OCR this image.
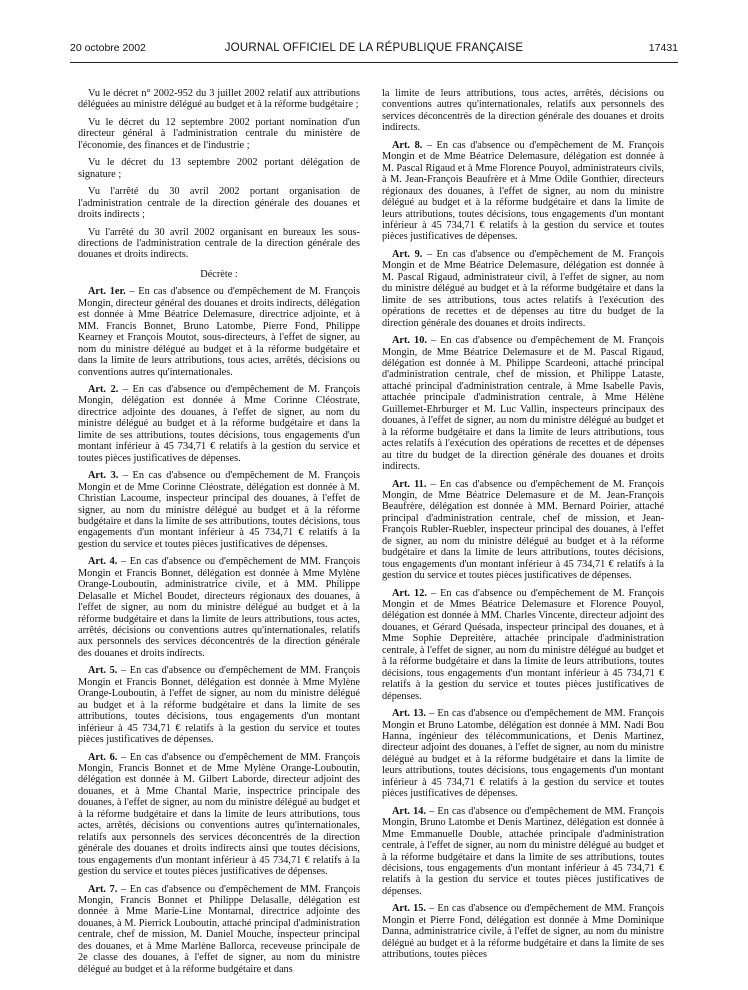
20 octobre 2002	JOURNAL OFFICIEL DE LA RÉPUBLIQUE FRANÇAISE	17431

Vu le décret n° 2002-952 du 3 juillet 2002 relatif aux attributions déléguées au ministre délégué au budget et à la réforme budgétaire ;

Vu le décret du 12 septembre 2002 portant nomination d'un directeur général à l'administration centrale du ministère de l'économie, des finances et de l'industrie ;

Vu le décret du 13 septembre 2002 portant délégation de signature ;

Vu l'arrêté du 30 avril 2002 portant organisation de l'administration centrale de la direction générale des douanes et droits indirects ;

Vu l'arrêté du 30 avril 2002 organisant en bureaux les sous-directions de l'administration centrale de la direction générale des douanes et droits indirects.

Décrète :

Art. 1er. – En cas d'absence ou d'empêchement de M. François Mongin, directeur général des douanes et droits indirects, délégation est donnée à Mme Béatrice Delemasure, directrice adjointe, et à MM. Francis Bonnet, Bruno Latombe, Pierre Fond, Philippe Kearney et François Moutot, sous-directeurs, à l'effet de signer, au nom du ministre délégué au budget et à la réforme budgétaire et dans la limite de leurs attributions, tous actes, arrêtés, décisions ou conventions autres qu'internationales.

Art. 2. – En cas d'absence ou d'empêchement de M. François Mongin, délégation est donnée à Mme Corinne Cléostrate, directrice adjointe des douanes, à l'effet de signer, au nom du ministre délégué au budget et à la réforme budgétaire et dans la limite de ses attributions, toutes décisions, tous engagements d'un montant inférieur à 45 734,71 € relatifs à la gestion du service et toutes pièces justificatives de dépenses.

Art. 3. – En cas d'absence ou d'empêchement de M. François Mongin et de Mme Corinne Cléostrate, délégation est donnée à M. Christian Lacoume, inspecteur principal des douanes, à l'effet de signer, au nom du ministre délégué au budget et à la réforme budgétaire et dans la limite de ses attributions, toutes décisions, tous engagements d'un montant inférieur à 45 734,71 € relatifs à la gestion du service et toutes pièces justificatives de dépenses.

Art. 4. – En cas d'absence ou d'empêchement de MM. François Mongin et Francis Bonnet, délégation est donnée à Mme Mylène Orange-Louboutin, administratrice civile, et à MM. Philippe Delasalle et Michel Boudet, directeurs régionaux des douanes, à l'effet de signer, au nom du ministre délégué au budget et à la réforme budgétaire et dans la limite de leurs attributions, tous actes, arrêtés, décisions ou conventions autres qu'internationales, relatifs aux personnels des services déconcentrés de la direction générale des douanes et droits indirects.

Art. 5. – En cas d'absence ou d'empêchement de MM. François Mongin et Francis Bonnet, délégation est donnée à Mme Mylène Orange-Louboutin, à l'effet de signer, au nom du ministre délégué au budget et à la réforme budgétaire et dans la limite de ses attributions, toutes décisions, tous engagements d'un montant inférieur à 45 734,71 € relatifs à la gestion du service et toutes pièces justificatives de dépenses.

Art. 6. – En cas d'absence ou d'empêchement de MM. François Mongin, Francis Bonnet et de Mme Mylène Orange-Louboutin, délégation est donnée à M. Gilbert Laborde, directeur adjoint des douanes, et à Mme Chantal Marie, inspectrice principale des douanes, à l'effet de signer, au nom du ministre délégué au budget et à la réforme budgétaire et dans la limite de leurs attributions, tous actes, arrêtés, décisions ou conventions autres qu'internationales, relatifs aux personnels des services déconcentrés de la direction générale des douanes et droits indirects ainsi que toutes décisions, tous engagements d'un montant inférieur à 45 734,71 € relatifs à la gestion du service et toutes pièces justificatives de dépenses.

Art. 7. – En cas d'absence ou d'empêchement de MM. François Mongin, Francis Bonnet et Philippe Delasalle, délégation est donnée à Mme Marie-Line Montarnal, directrice adjointe des douanes, à M. Pierrick Louboutin, attaché principal d'administration centrale, chef de mission, M. Daniel Mouche, inspecteur principal des douanes, et à Mme Marlène Ballorca, receveuse principale de 2e classe des douanes, à l'effet de signer, au nom du ministre délégué au budget et à la réforme budgétaire et dans

la limite de leurs attributions, tous actes, arrêtés, décisions ou conventions autres qu'internationales, relatifs aux personnels des services déconcentrés de la direction générale des douanes et droits indirects.

Art. 8. – En cas d'absence ou d'empêchement de M. François Mongin et de Mme Béatrice Delemasure, délégation est donnée à M. Pascal Rigaud et à Mme Florence Pouyol, administrateurs civils, à M. Jean-François Beaufrère et à Mme Odile Gonthier, directeurs régionaux des douanes, à l'effet de signer, au nom du ministre délégué au budget et à la réforme budgétaire et dans la limite de leurs attributions, toutes décisions, tous engagements d'un montant inférieur à 45 734,71 € relatifs à la gestion du service et toutes pièces justificatives de dépenses.

Art. 9. – En cas d'absence ou d'empêchement de M. François Mongin et de Mme Béatrice Delemasure, délégation est donnée à M. Pascal Rigaud, administrateur civil, à l'effet de signer, au nom du ministre délégué au budget et à la réforme budgétaire et dans la limite de ses attributions, tous actes relatifs à l'exécution des opérations de recettes et de dépenses au titre du budget de la direction générale des douanes et droits indirects.

Art. 10. – En cas d'absence ou d'empêchement de M. François Mongin, de Mme Béatrice Delemasure et de M. Pascal Rigaud, délégation est donnée à M. Philippe Scardeoni, attaché principal d'administration centrale, chef de mission, et Philippe Lataste, attaché principal d'administration centrale, à Mme Isabelle Pavis, attachée principale d'administration centrale, à Mme Hélène Guillemet-Ehrburger et M. Luc Vallin, inspecteurs principaux des douanes, à l'effet de signer, au nom du ministre délégué au budget et à la réforme budgétaire et dans la limite de leurs attributions, tous actes relatifs à l'exécution des opérations de recettes et de dépenses au titre du budget de la direction générale des douanes et droits indirects.

Art. 11. – En cas d'absence ou d'empêchement de M. François Mongin, de Mme Béatrice Delemasure et de M. Jean-François Beaufrère, délégation est donnée à MM. Bernard Poirier, attaché principal d'administration centrale, chef de mission, et Jean-François Rubler-Ruebler, inspecteur principal des douanes, à l'effet de signer, au nom du ministre délégué au budget et à la réforme budgétaire et dans la limite de leurs attributions, toutes décisions, tous engagements d'un montant inférieur à 45 734,71 € relatifs à la gestion du service et toutes pièces justificatives de dépenses.

Art. 12. – En cas d'absence ou d'empêchement de M. François Mongin et de Mmes Béatrice Delemasure et Florence Pouyol, délégation est donnée à MM. Charles Vincente, directeur adjoint des douanes, et Gérard Quésada, inspecteur principal des douanes, et à Mme Sophie Depreitère, attachée principale d'administration centrale, à l'effet de signer, au nom du ministre délégué au budget et à la réforme budgétaire et dans la limite de leurs attributions, toutes décisions, tous engagements d'un montant inférieur à 45 734,71 € relatifs à la gestion du service et toutes pièces justificatives de dépenses.

Art. 13. – En cas d'absence ou d'empêchement de MM. François Mongin et Bruno Latombe, délégation est donnée à MM. Nadi Bou Hanna, ingénieur des télécommunications, et Denis Martinez, directeur adjoint des douanes, à l'effet de signer, au nom du ministre délégué au budget et à la réforme budgétaire et dans la limite de leurs attributions, toutes décisions, tous engagements d'un montant inférieur à 45 734,71 € relatifs à la gestion du service et toutes pièces justificatives de dépenses.

Art. 14. – En cas d'absence ou d'empêchement de MM. François Mongin, Bruno Latombe et Denis Martinez, délégation est donnée à Mme Emmanuelle Double, attachée principale d'administration centrale, à l'effet de signer, au nom du ministre délégué au budget et à la réforme budgétaire et dans la limite de ses attributions, toutes décisions, tous engagements d'un montant inférieur à 45 734,71 € relatifs à la gestion du service et toutes pièces justificatives de dépenses.

Art. 15. – En cas d'absence ou d'empêchement de MM. François Mongin et Pierre Fond, délégation est donnée à Mme Dominique Danna, administratrice civile, à l'effet de signer, au nom du ministre délégué au budget et à la réforme budgétaire et dans la limite de ses attributions, toutes pièces
